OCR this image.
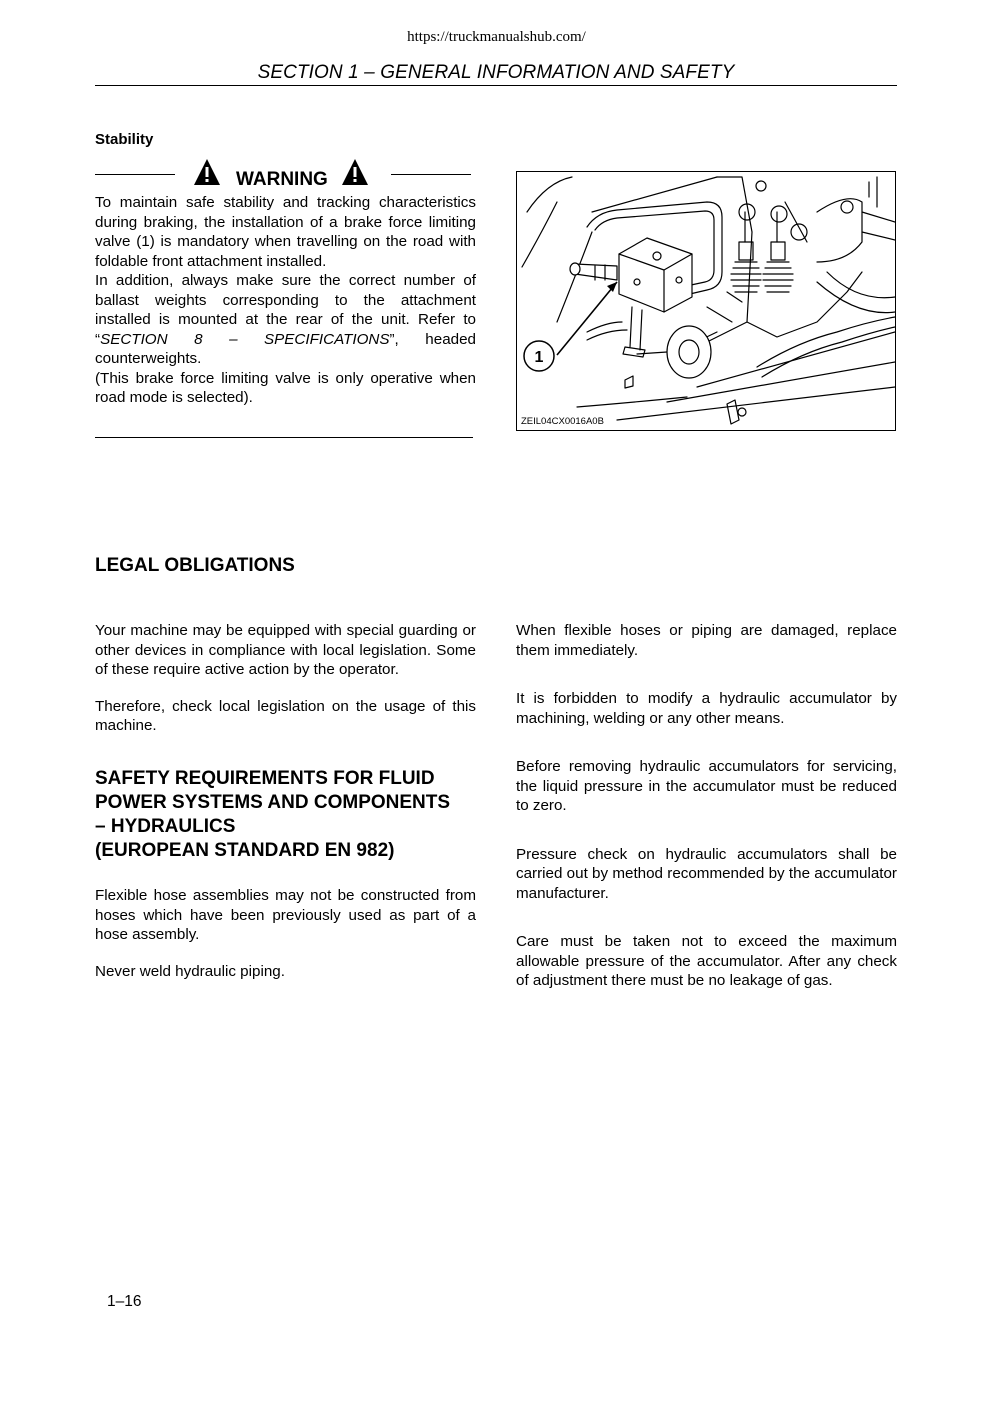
https://truckmanualshub.com/
SECTION 1 – GENERAL INFORMATION AND SAFETY
Stability
WARNING

To maintain safe stability and tracking characteristics during braking, the installation of a brake force limiting valve (1) is mandatory when travelling on the road with foldable front attachment installed.

In addition, always make sure the correct number of ballast weights corresponding to the attachment installed is mounted at the rear of the unit. Refer to “SECTION 8 – SPECIFICATIONS”, headed counterweights.

(This brake force limiting valve is only operative when road mode is selected).

1
ZEIL04CX0016A0B
LEGAL OBLIGATIONS

Your machine may be equipped with special guarding or other devices in compliance with local legislation. Some of these require active action by the operator.

Therefore, check local legislation on the usage of this machine.

SAFETY REQUIREMENTS FOR FLUID
POWER SYSTEMS AND COMPONENTS
– HYDRAULICS
(EUROPEAN STANDARD EN 982)

Flexible hose assemblies may not be constructed from hoses which have been previously used as part of a hose assembly.

Never weld hydraulic piping.

When flexible hoses or piping are damaged, replace them immediately.

It is forbidden to modify a hydraulic accumulator by machining, welding or any other means.

Before removing hydraulic accumulators for servicing, the liquid pressure in the accumulator must be reduced to zero.

Pressure check on hydraulic accumulators shall be carried out by method recommended by the accumulator manufacturer.

Care must be taken not to exceed the maximum allowable pressure of the accumulator. After any check of adjustment there must be no leakage of gas.

1–16
